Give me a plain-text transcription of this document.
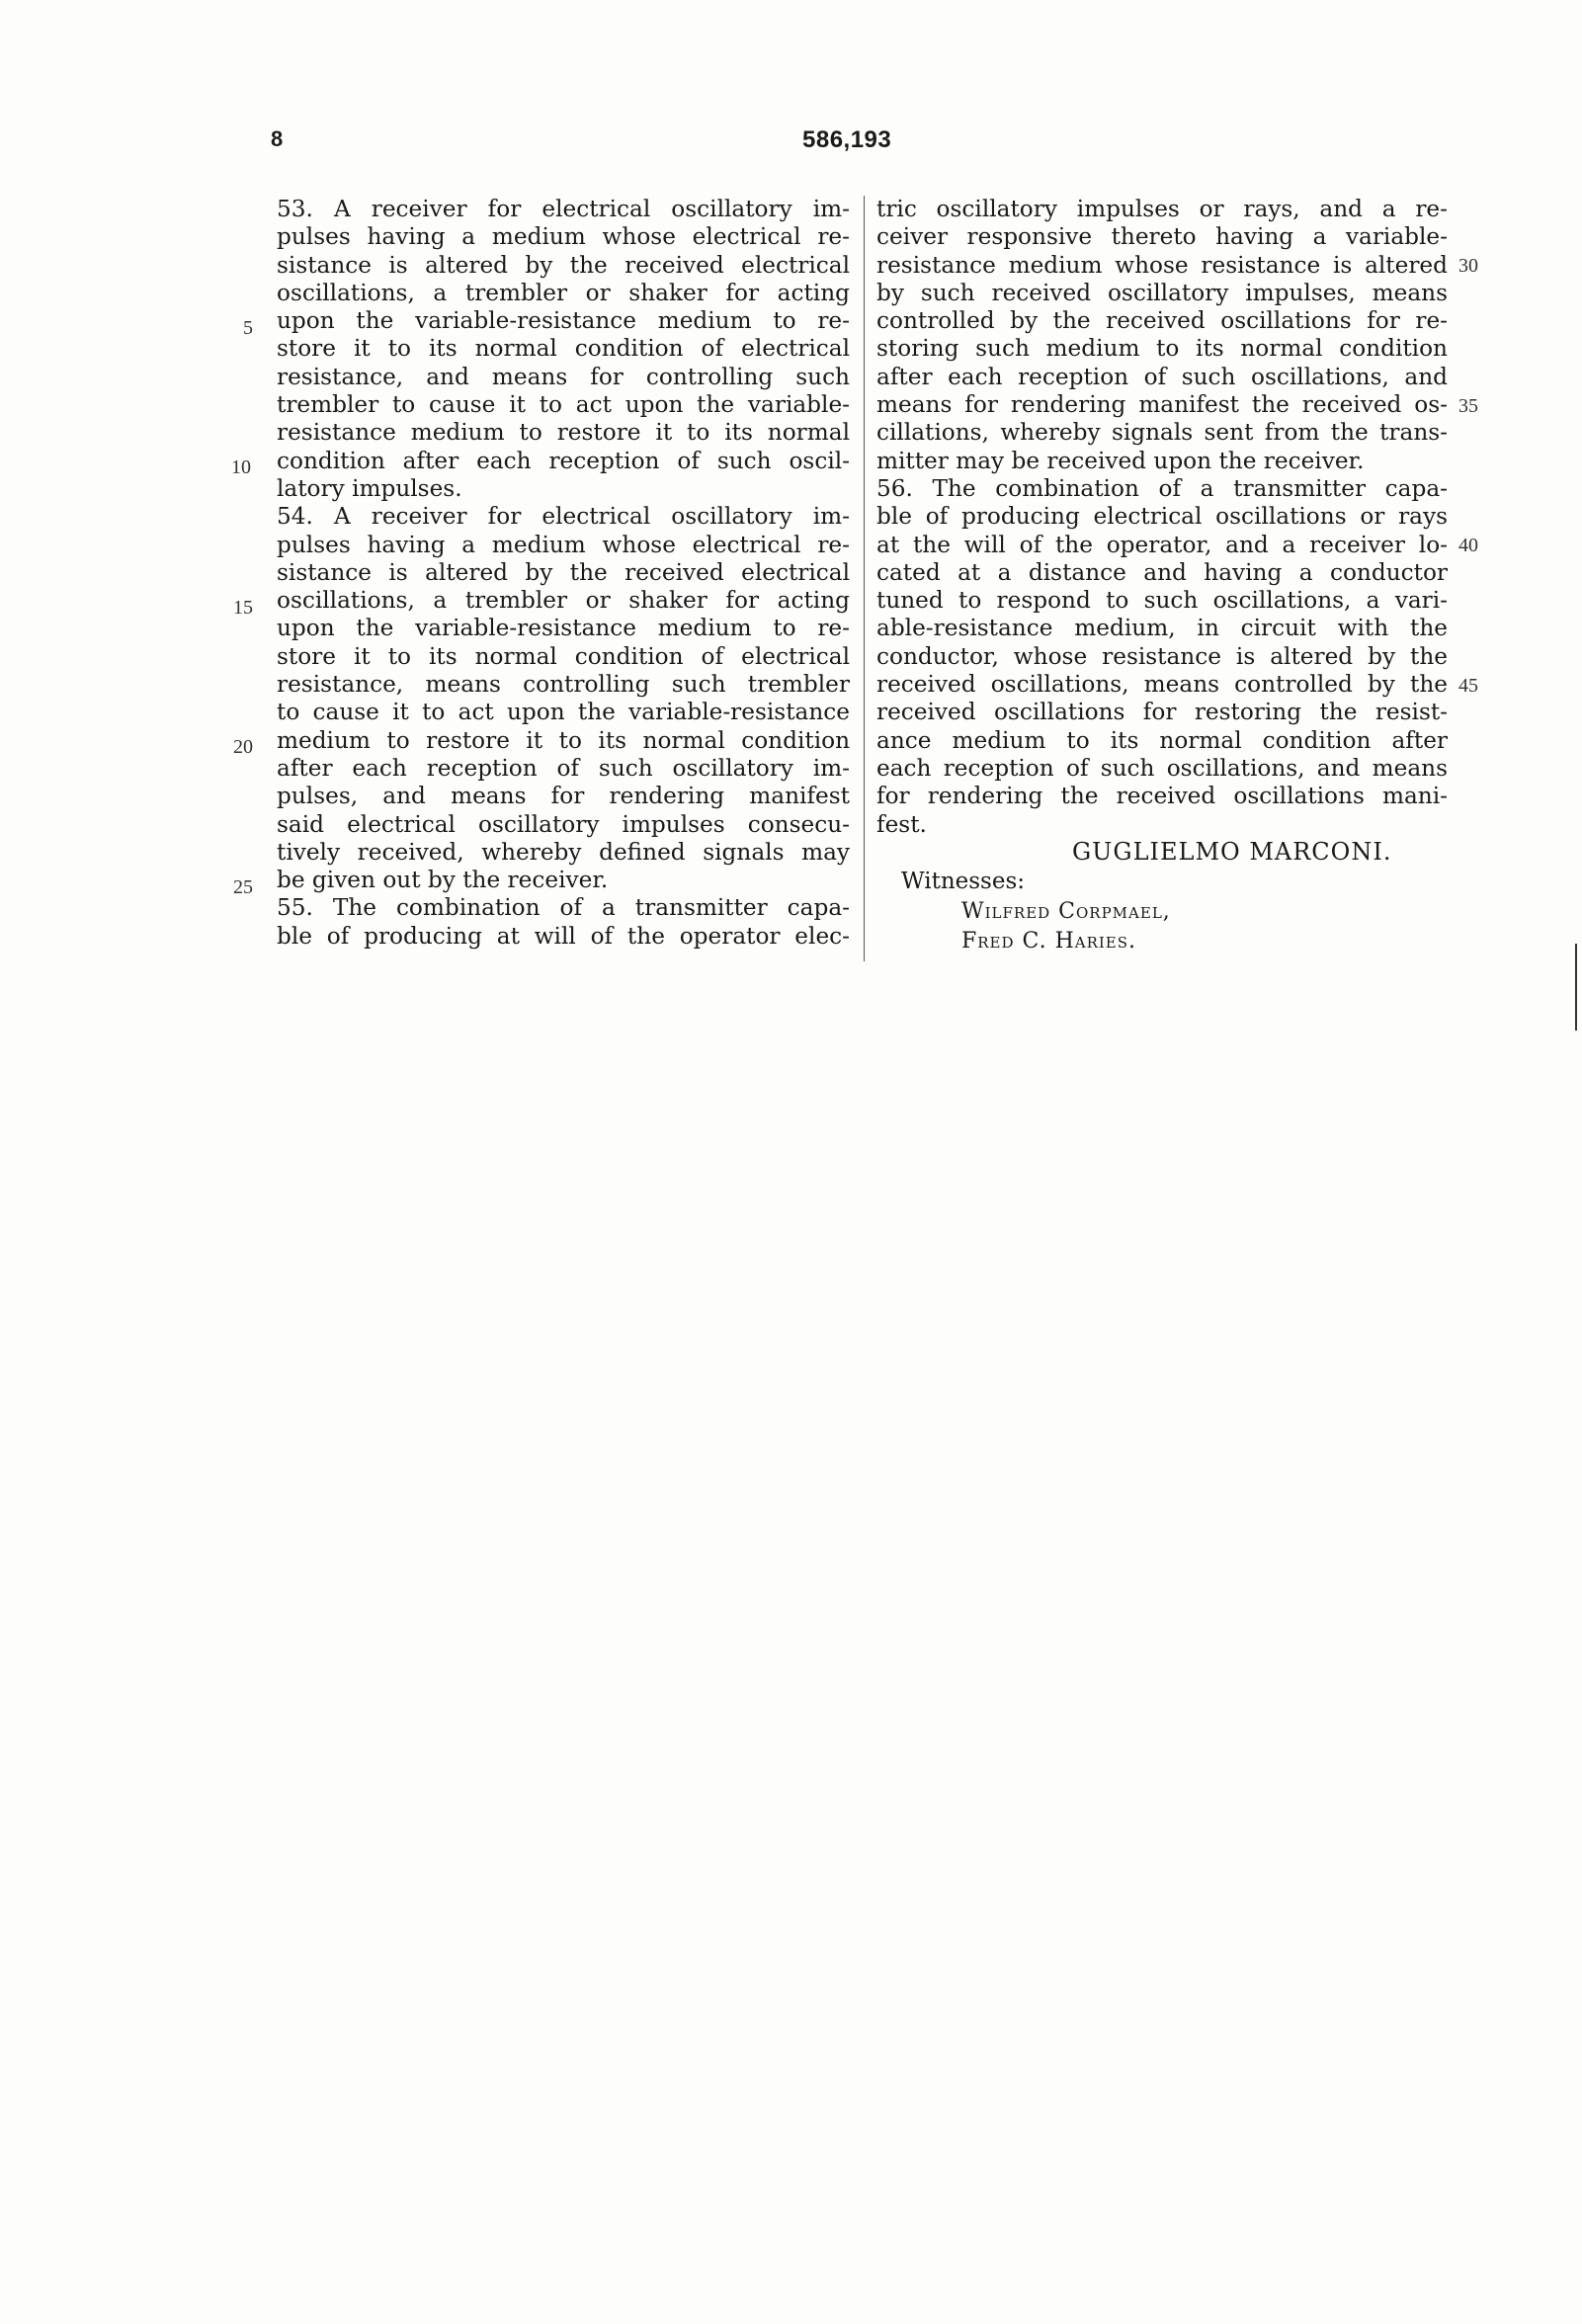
8	586,193
53. A receiver for electrical oscillatory im-
pulses having a medium whose electrical re-
sistance is altered by the received electrical
oscillations, a trembler or shaker for acting
upon the variable-resistance medium to re-
store it to its normal condition of electrical
resistance, and means for controlling such
trembler to cause it to act upon the variable-
resistance medium to restore it to its normal
condition after each reception of such oscil-
latory impulses.
54. A receiver for electrical oscillatory im-
pulses having a medium whose electrical re-
sistance is altered by the received electrical
oscillations, a trembler or shaker for acting
upon the variable-resistance medium to re-
store it to its normal condition of electrical
resistance, means controlling such trembler
to cause it to act upon the variable-resistance
medium to restore it to its normal condition
after each reception of such oscillatory im-
pulses, and means for rendering manifest
said electrical oscillatory impulses consecu-
tively received, whereby defined signals may
be given out by the receiver.
55. The combination of a transmitter capa-
ble of producing at will of the operator elec-
tric oscillatory impulses or rays, and a re-
ceiver responsive thereto having a variable-
resistance medium whose resistance is altered
by such received oscillatory impulses, means
controlled by the received oscillations for re-
storing such medium to its normal condition
after each reception of such oscillations, and
means for rendering manifest the received os-
cillations, whereby signals sent from the trans-
mitter may be received upon the receiver.
56. The combination of a transmitter capa-
ble of producing electrical oscillations or rays
at the will of the operator, and a receiver lo-
cated at a distance and having a conductor
tuned to respond to such oscillations, a vari-
able-resistance medium, in circuit with the
conductor, whose resistance is altered by the
received oscillations, means controlled by the
received oscillations for restoring the resist-
ance medium to its normal condition after
each reception of such oscillations, and means
for rendering the received oscillations mani-
fest.
5
10
15
20
25
30
35
40
45
GUGLIELMO MARCONI.
Witnesses:
Wilfred Corpmael,
Fred C. Haries.
